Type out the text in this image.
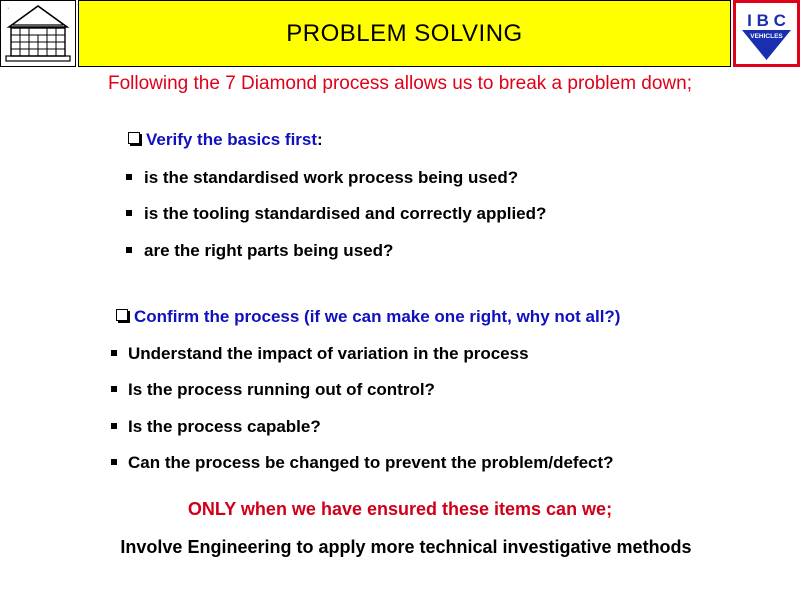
·
PROBLEM SOLVING	I B C
VEHICLES
Following the 7 Diamond process allows us to break a problem down;
Verify the basics first:
is the standardised work process being used?
is the tooling standardised and correctly applied?
are the right parts being used?
Confirm the process (if we can make one right, why not all?)
Understand the impact of variation in the process
Is the process running out of control?
Is the process capable?
Can the process be changed to prevent the problem/defect?
ONLY when we have ensured these items can we;
Involve Engineering to apply more technical investigative methods
